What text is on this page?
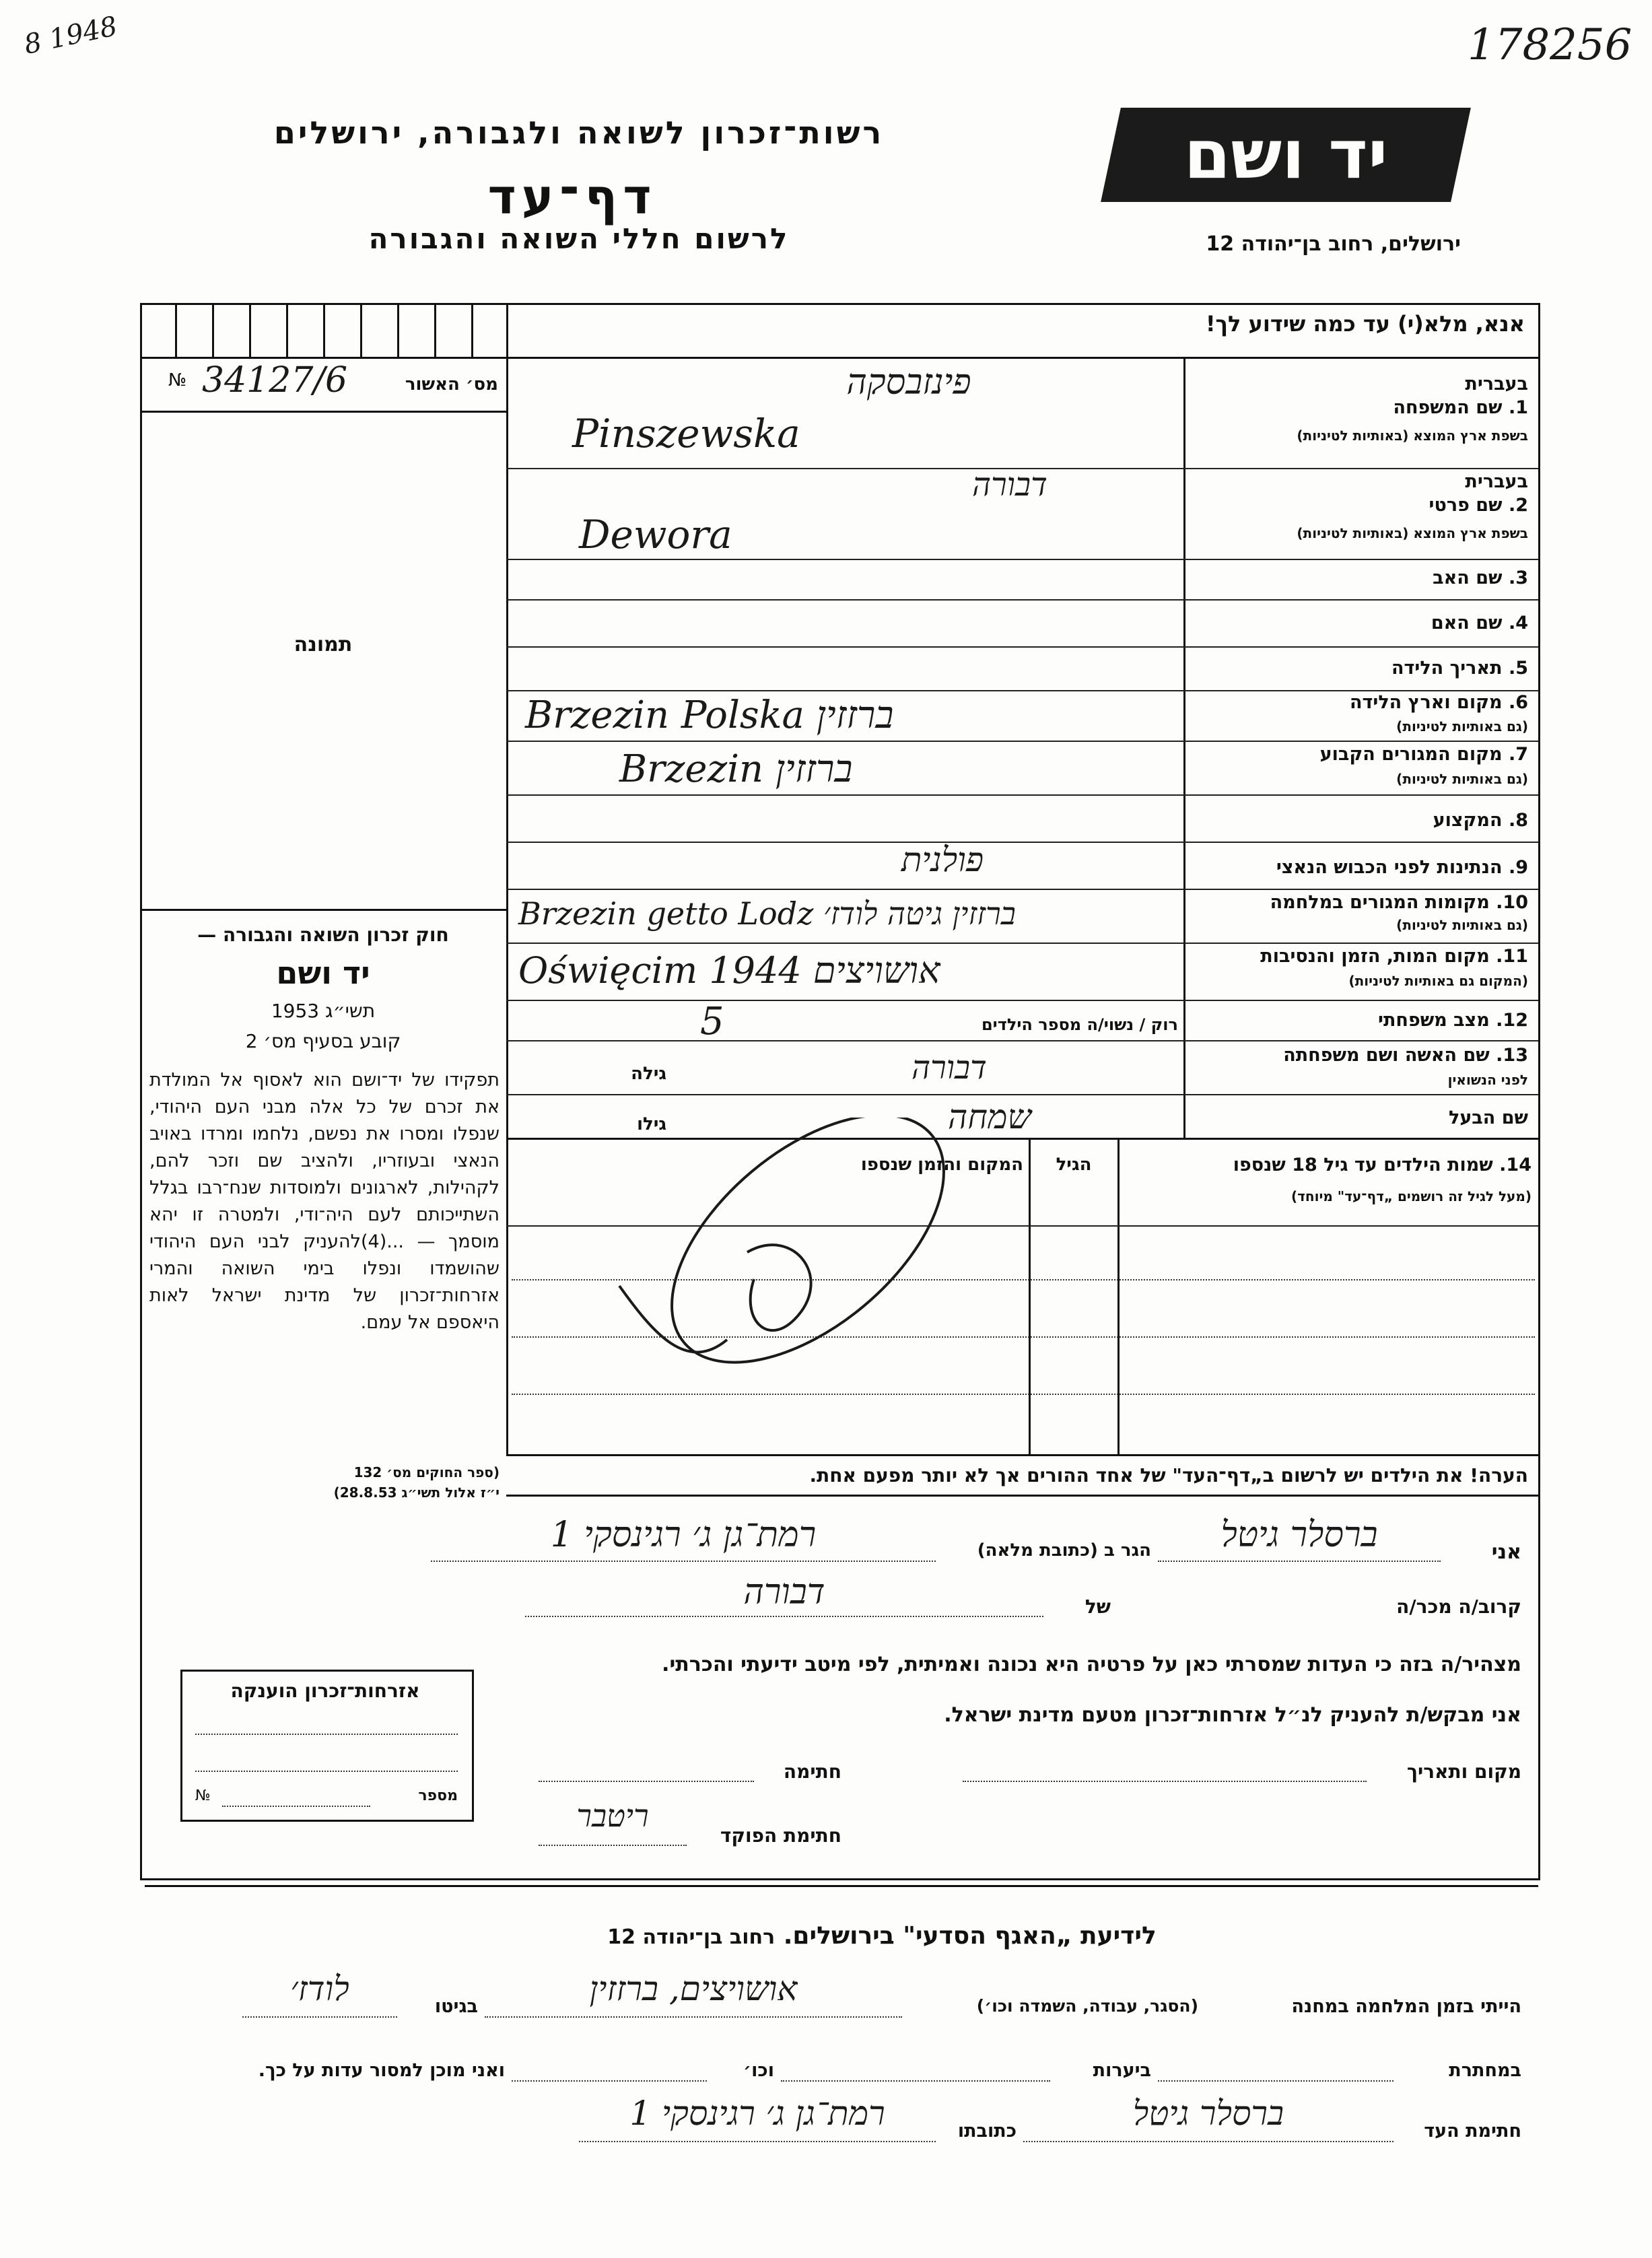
8 1948	178256
רשות־זכרון לשואה ולגבורה, ירושלים
דף־עד
לרשום חללי השואה והגבורה
יד ושם
ירושלים, רחוב בן־יהודה 12
אנא, מלא(י) עד כמה שידוע לך!
№ 34127/6	מס׳ האשור
תמונה
בעברית
1. שם המשפחה
בשפת ארץ המוצא (באותיות לטיניות)
פינזבסקה
Pinszewska
בעברית
2. שם פרטי
בשפת ארץ המוצא (באותיות לטיניות)
דבורה
Dewora
3. שם האב
4. שם האם
5. תאריך הלידה
6. מקום וארץ הלידה
(גם באותיות לטיניות)
Brzezin Polska ברזזין
7. מקום המגורים הקבוע
(גם באותיות לטיניות)
Brzezin ברזזין
8. המקצוע
9. הנתינות לפני הכבוש הנאצי
פולנית
10. מקומות המגורים במלחמה
(גם באותיות לטיניות)
Brzezin getto Lodz ברזזין גיטה לודז׳
11. מקום המות, הזמן והנסיבות
(המקום גם באותיות לטיניות)
Oświęcim 1944 אושויצים
12. מצב משפחתי
רוק / נשוי/ה מספר הילדים
5
13. שם האשה ושם משפחתה
לפני הנשואין
גילה	דבורה
שם הבעל
גילו	שמחה
14. שמות הילדים עד גיל 18 שנספו
(מעל לגיל זה רושמים „דף־עד" מיוחד)
הגיל
המקום והזמן שנספו
חוק זכרון השואה והגבורה —
יד ושם
תשי״ג 1953
קובע בסעיף מס׳ 2
תפקידו של יד־ושם הוא לאסוף אל המולדת את זכרם של כל אלה מבני העם היהודי, שנפלו ומסרו את נפשם, נלחמו ומרדו באויב הנאצי ובעוזריו, ולהציב שם וזכר להם, לקהילות, לארגונים ולמוסדות שנח־רבו בגלל השתייכותם לעם היה־ודי, ולמטרה זו יהא מוסמך — ...(4)להעניק לבני העם היהודי שהושמדו ונפלו בימי השואה והמרי אזרחות־זכרון של מדינת ישראל לאות היאספם אל עמם.
(ספר החוקים מס׳ 132
י״ז אלול תשי״ג 28.8.53)
הערה! את הילדים יש לרשום ב„דף־העד" של אחד ההורים אך לא יותר מפעם אחת.
אני
ברסלר גיטל
הגר ב (כתובת מלאה)
רמת־גן ג׳ רגינסקי 1
קרוב/ה מכר/ה
של
דבורה
מצהיר/ה בזה כי העדות שמסרתי כאן על פרטיה היא נכונה ואמיתית, לפי מיטב ידיעתי והכרתי.
אני מבקש/ת להעניק לנ״ל אזרחות־זכרון מטעם מדינת ישראל.
מקום ותאריך
חתימה
חתימת הפוקד
ריטבר
אזרחות־זכרון הוענקה
№	מספר
לידיעת „האגף הסדעי" בירושלים. רחוב בן־יהודה 12
הייתי בזמן המלחמה במחנה
(הסגר, עבודה, השמדה וכו׳)
אושויצים, ברזזין
בגיטו
לודז׳
במחתרת
ביערות
וכו׳
ואני מוכן למסור עדות על כך.
חתימת העד
ברסלר גיטל
כתובתו
רמת־גן ג׳ רגינסקי 1
